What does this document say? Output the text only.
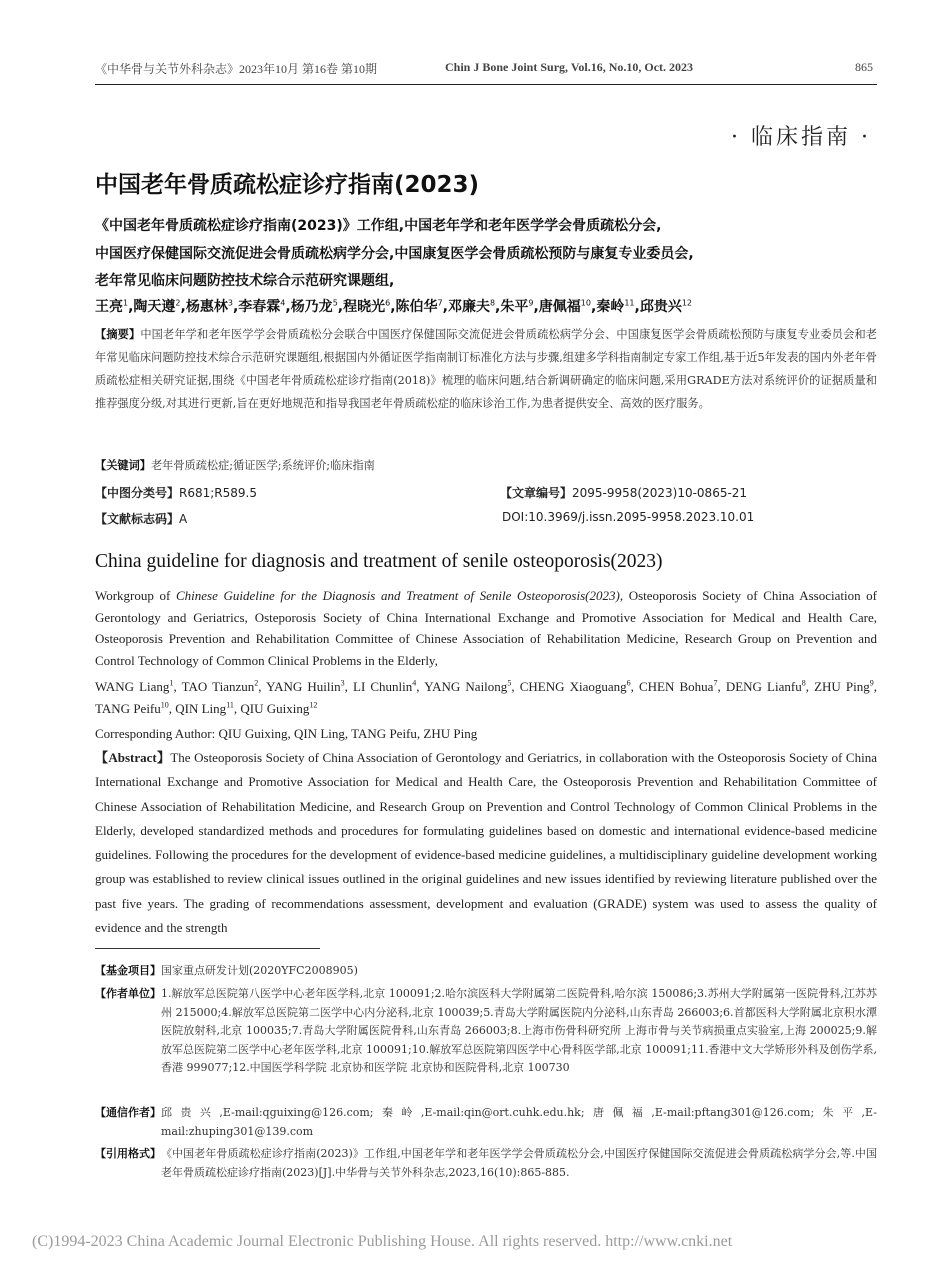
《中华骨与关节外科杂志》2023年10月 第16卷 第10期	Chin J Bone Joint Surg, Vol.16, No.10, Oct. 2023	865
· 临床指南 ·
中国老年骨质疏松症诊疗指南(2023)
《中国老年骨质疏松症诊疗指南(2023)》工作组,中国老年学和老年医学学会骨质疏松分会,
中国医疗保健国际交流促进会骨质疏松病学分会,中国康复医学会骨质疏松预防与康复专业委员会,
老年常见临床问题防控技术综合示范研究课题组,
王亮$^1$,陶天遵$^2$,杨惠林$^3$,李春霖$^4$,杨乃龙$^5$,程晓光$^6$,陈伯华$^7$,邓廉夫$^8$,朱平$^9$,唐佩福$^{10}$,秦岭$^{11}$,邱贵兴$^{12}$
【摘要】中国老年学和老年医学学会骨质疏松分会联合中国医疗保健国际交流促进会骨质疏松病学分会、中国康复医学会骨质疏松预防与康复专业委员会和老年常见临床问题防控技术综合示范研究课题组,根据国内外循证医学指南制订标准化方法与步骤,组建多学科指南制定专家工作组,基于近5年发表的国内外老年骨质疏松症相关研究证据,围绕《中国老年骨质疏松症诊疗指南(2018)》梳理的临床问题,结合新调研确定的临床问题,采用GRADE方法对系统评价的证据质量和推荐强度分级,对其进行更新,旨在更好地规范和指导我国老年骨质疏松症的临床诊治工作,为患者提供安全、高效的医疗服务。
【关键词】老年骨质疏松症;循证医学;系统评价;临床指南
【中图分类号】R681;R589.5	【文章编号】2095-9958(2023)10-0865-21
【文献标志码】A	DOI:10.3969/j.issn.2095-9958.2023.10.01
China guideline for diagnosis and treatment of senile osteoporosis(2023)
Workgroup of Chinese Guideline for the Diagnosis and Treatment of Senile Osteoporosis(2023), Osteoporosis Society of China Association of Gerontology and Geriatrics, Osteporosis Society of China International Exchange and Promotive Association for Medical and Health Care, Osteoporosis Prevention and Rehabilitation Committee of Chinese Association of Rehabilitation Medicine, Research Group on Prevention and Control Technology of Common Clinical Problems in the Elderly,
WANG Liang$^1$, TAO Tianzun$^2$, YANG Huilin$^3$, LI Chunlin$^4$, YANG Nailong$^5$, CHENG Xiaoguang$^6$, CHEN Bohua$^7$, DENG Lianfu$^8$, ZHU Ping$^9$, TANG Peifu$^{10}$, QIN Ling$^{11}$, QIU Guixing$^{12}$
Corresponding Author: QIU Guixing, QIN Ling, TANG Peifu, ZHU Ping
【Abstract】The Osteoporosis Society of China Association of Gerontology and Geriatrics, in collaboration with the Osteoporosis Society of China International Exchange and Promotive Association for Medical and Health Care, the Osteoporosis Prevention and Rehabilitation Committee of Chinese Association of Rehabilitation Medicine, and Research Group on Prevention and Control Technology of Common Clinical Problems in the Elderly, developed standardized methods and procedures for formulating guidelines based on domestic and international evidence-based medicine guidelines. Following the procedures for the development of evidence-based medicine guidelines, a multidisciplinary guideline development working group was established to review clinical issues outlined in the original guidelines and new issues identified by reviewing literature published over the past five years. The grading of recommendations assessment, development and evaluation (GRADE) system was used to assess the quality of evidence and the strength
【基金项目】 国家重点研发计划(2020YFC2008905)
【作者单位】 1.解放军总医院第八医学中心老年医学科,北京 100091;2.哈尔滨医科大学附属第二医院骨科,哈尔滨 150086;3.苏州大学附属第一医院骨科,江苏苏州 215000;4.解放军总医院第二医学中心内分泌科,北京 100039;5.青岛大学附属医院内分泌科,山东青岛 266003;6.首都医科大学附属北京积水潭医院放射科,北京 100035;7.青岛大学附属医院骨科,山东青岛 266003;8.上海市伤骨科研究所 上海市骨与关节病损重点实验室,上海 200025;9.解放军总医院第二医学中心老年医学科,北京 100091;10.解放军总医院第四医学中心骨科医学部,北京 100091;11.香港中文大学矫形外科及创伤学系,香港 999077;12.中国医学科学院 北京协和医学院 北京协和医院骨科,北京 100730
【通信作者】 邱贵兴,E-mail:qguixing@126.com;秦岭,E-mail:qin@ort.cuhk.edu.hk;唐佩福,E-mail:pftang301@126.com;朱平,E-mail:zhuping301@139.com
【引用格式】 《中国老年骨质疏松症诊疗指南(2023)》工作组,中国老年学和老年医学学会骨质疏松分会,中国医疗保健国际交流促进会骨质疏松病学分会,等.中国老年骨质疏松症诊疗指南(2023)[J].中华骨与关节外科杂志,2023,16(10):865-885.
(C)1994-2023 China Academic Journal Electronic Publishing House. All rights reserved. http://www.cnki.net
